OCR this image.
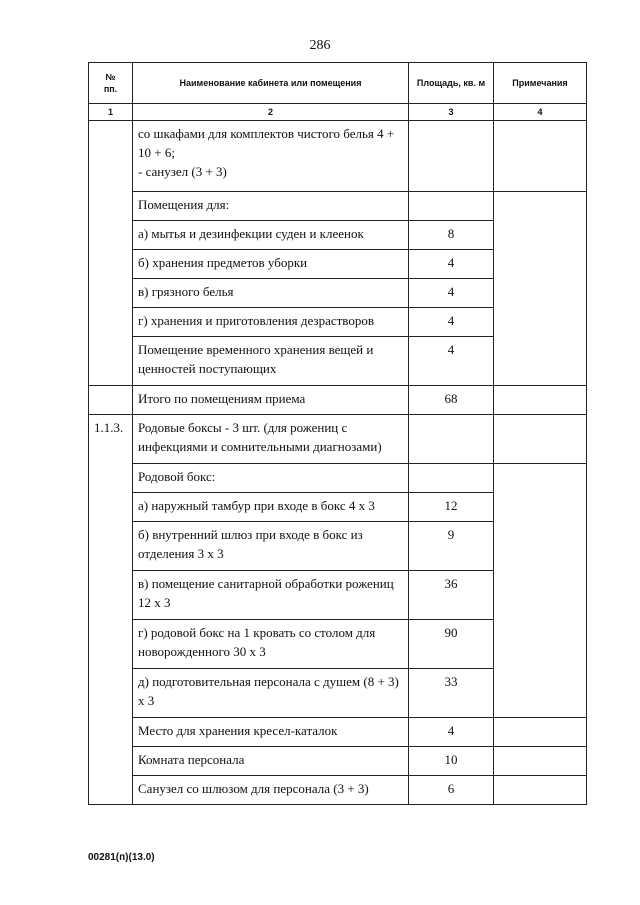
286
№
пп.	Наименование кабинета или помещения	Площадь, кв. м	Примечания
1	2	3	4
	со шкафами для комплектов чистого белья 4 + 10 + 6;
- санузел (3 + 3)		
	Помещения для:		
	а) мытья и дезинфекции суден и клеенок	8	
	б) хранения предметов уборки	4	
	в) грязного белья	4	
	г) хранения и приготовления дезрастворов	4	
	Помещение временного хранения вещей и ценностей поступающих	4	
	Итого по помещениям приема	68	
1.1.3.	Родовые боксы - 3 шт. (для рожениц с инфекциями и сомнительными диагнозами)		
	Родовой бокс:		
	а) наружный тамбур при входе в бокс 4 х 3	12	
	б) внутренний шлюз при входе в бокс из отделения 3 х 3	9	
	в) помещение санитарной обработки рожениц 12 х 3	36	
	г) родовой бокс на 1 кровать со столом для новорожденного 30 х 3	90	
	д) подготовительная персонала с душем (8 + 3) х 3	33	
	Место для хранения кресел-каталок	4	
	Комната персонала	10	
	Санузел со шлюзом для персонала (3 + 3)	6	
00281(п)(13.0)
